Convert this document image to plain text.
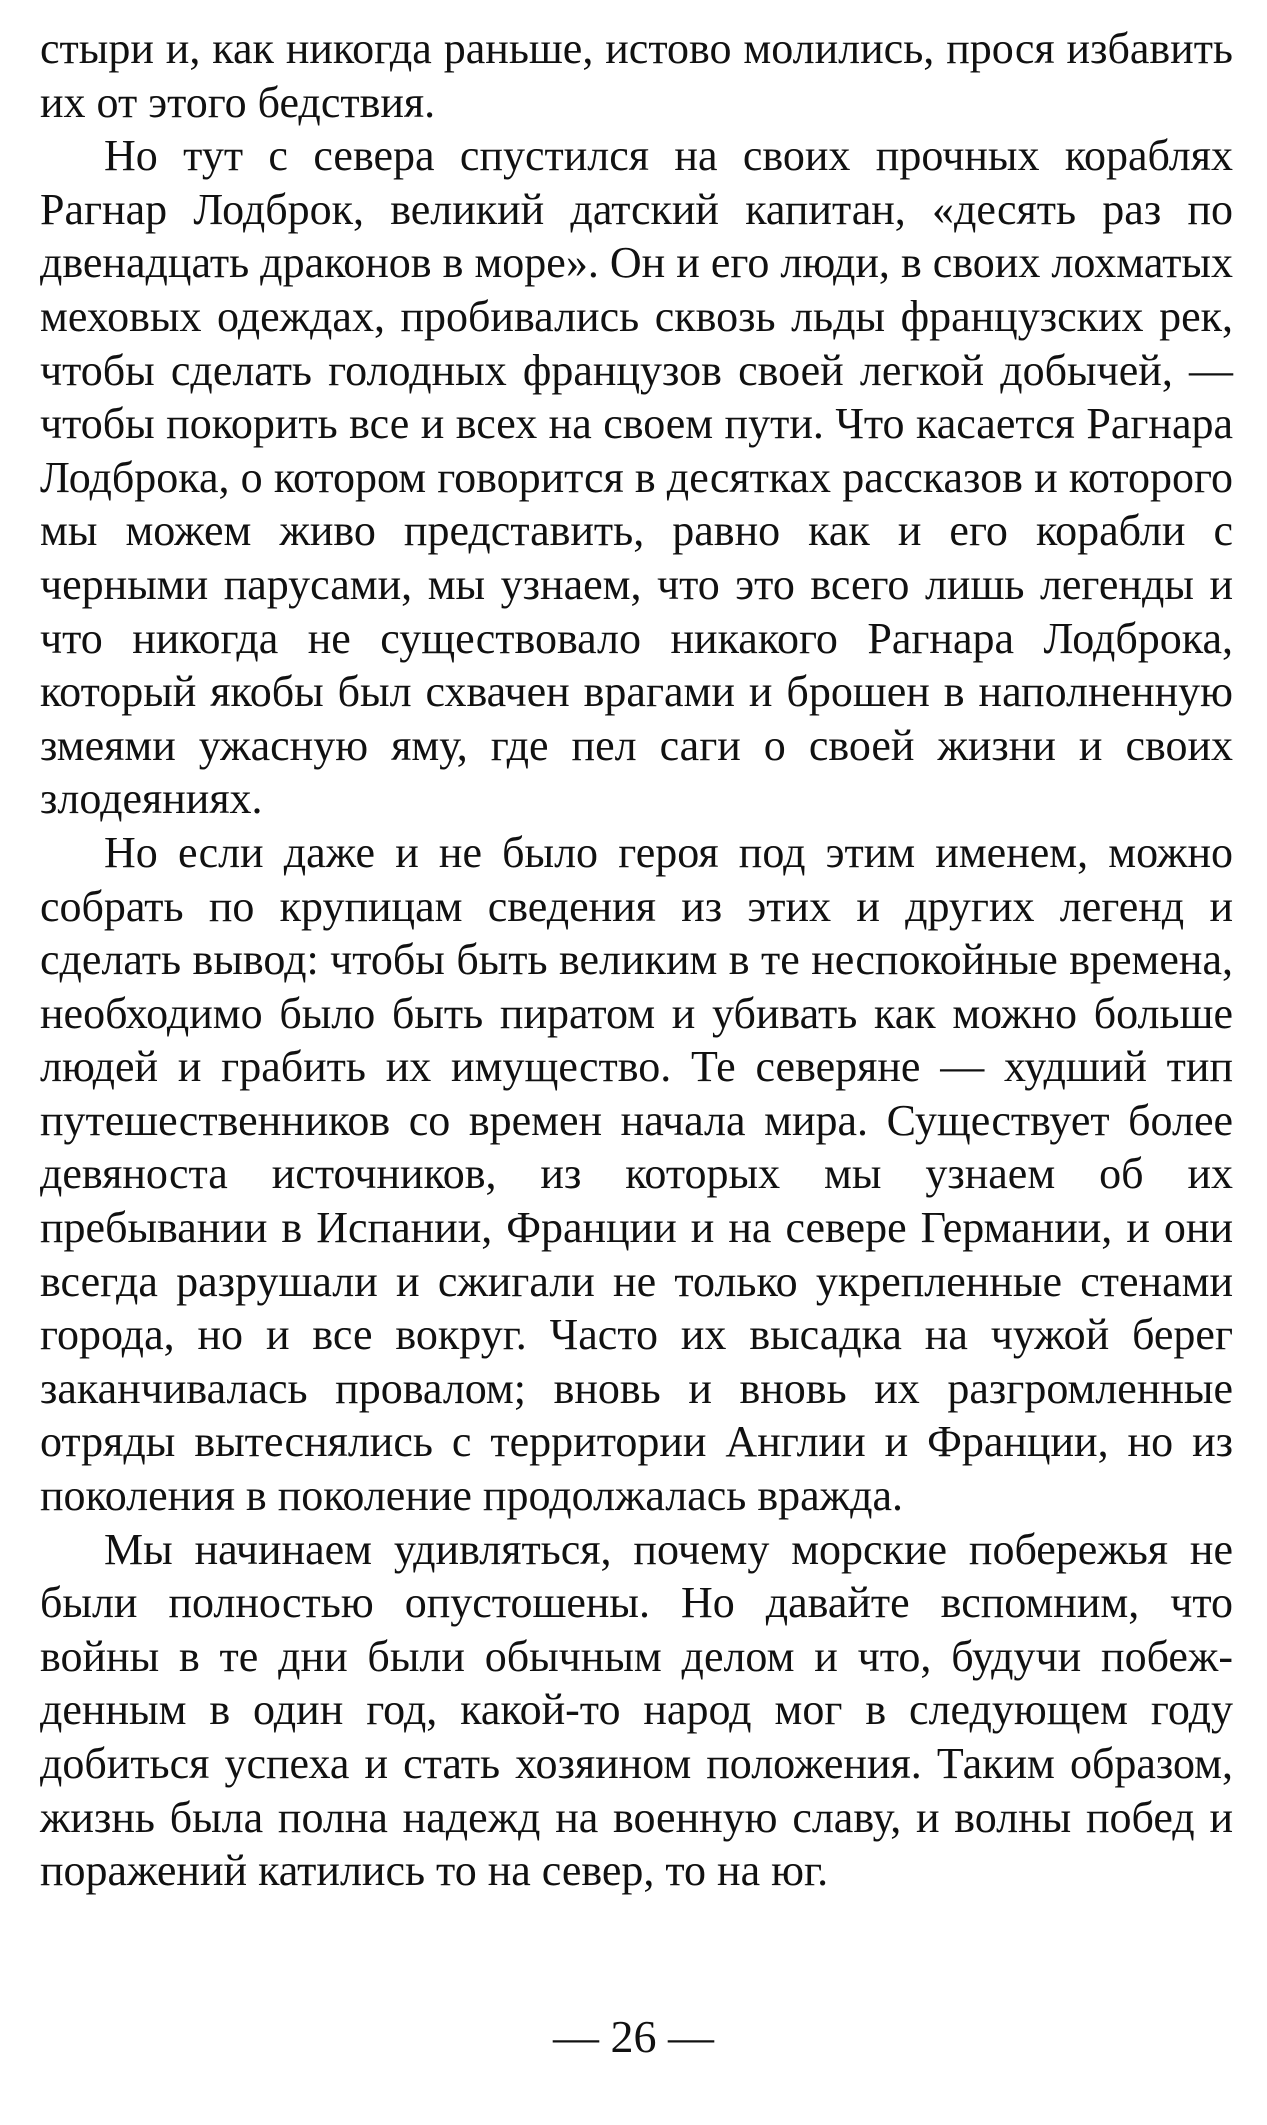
стыри и, как никогда раньше, истово молились, прося избавить их от этого бедствия.

Но тут с севера спустился на своих прочных кораблях Рагнар Лодброк, великий датский капитан, «десять раз по двенадцать драконов в море». Он и его люди, в своих лохматых меховых одеждах, пробивались сквозь льды французских рек, чтобы сделать голодных французов своей легкой добычей, — чтобы покорить все и всех на своем пути. Что касается Рагнара Лодброка, о котором говорится в десятках рассказов и которого мы можем живо представить, равно как и его корабли с черными парусами, мы узнаем, что это всего лишь легенды и что никогда не существовало никакого Рагнара Лодброка, который якобы был схвачен врагами и брошен в наполненную змеями ужасную яму, где пел саги о своей жизни и своих злодеяниях.

Но если даже и не было героя под этим именем, можно собрать по крупицам сведения из этих и других легенд и сделать вывод: чтобы быть великим в те неспокойные времена, необходимо было быть пиратом и убивать как можно больше людей и грабить их имущество. Те северяне — худший тип путешественников со времен начала мира. Существует более девяноста источников, из которых мы узнаем об их пребывании в Испании, Франции и на севере Германии, и они всегда разрушали и сжигали не только укрепленные стенами города, но и все вокруг. Часто их высадка на чужой берег заканчивалась провалом; вновь и вновь их разгромленные отряды вытеснялись с территории Англии и Франции, но из поколения в поколение продолжалась вражда.

Мы начинаем удивляться, почему морские побережья не были полностью опустошены. Но давайте вспомним, что войны в те дни были обычным делом и что, будучи побежденным в один год, какой-то народ мог в следующем году добиться успеха и стать хозяином положения. Таким образом, жизнь была полна надежд на военную славу, и волны побед и поражений катились то на север, то на юг.

— 26 —
